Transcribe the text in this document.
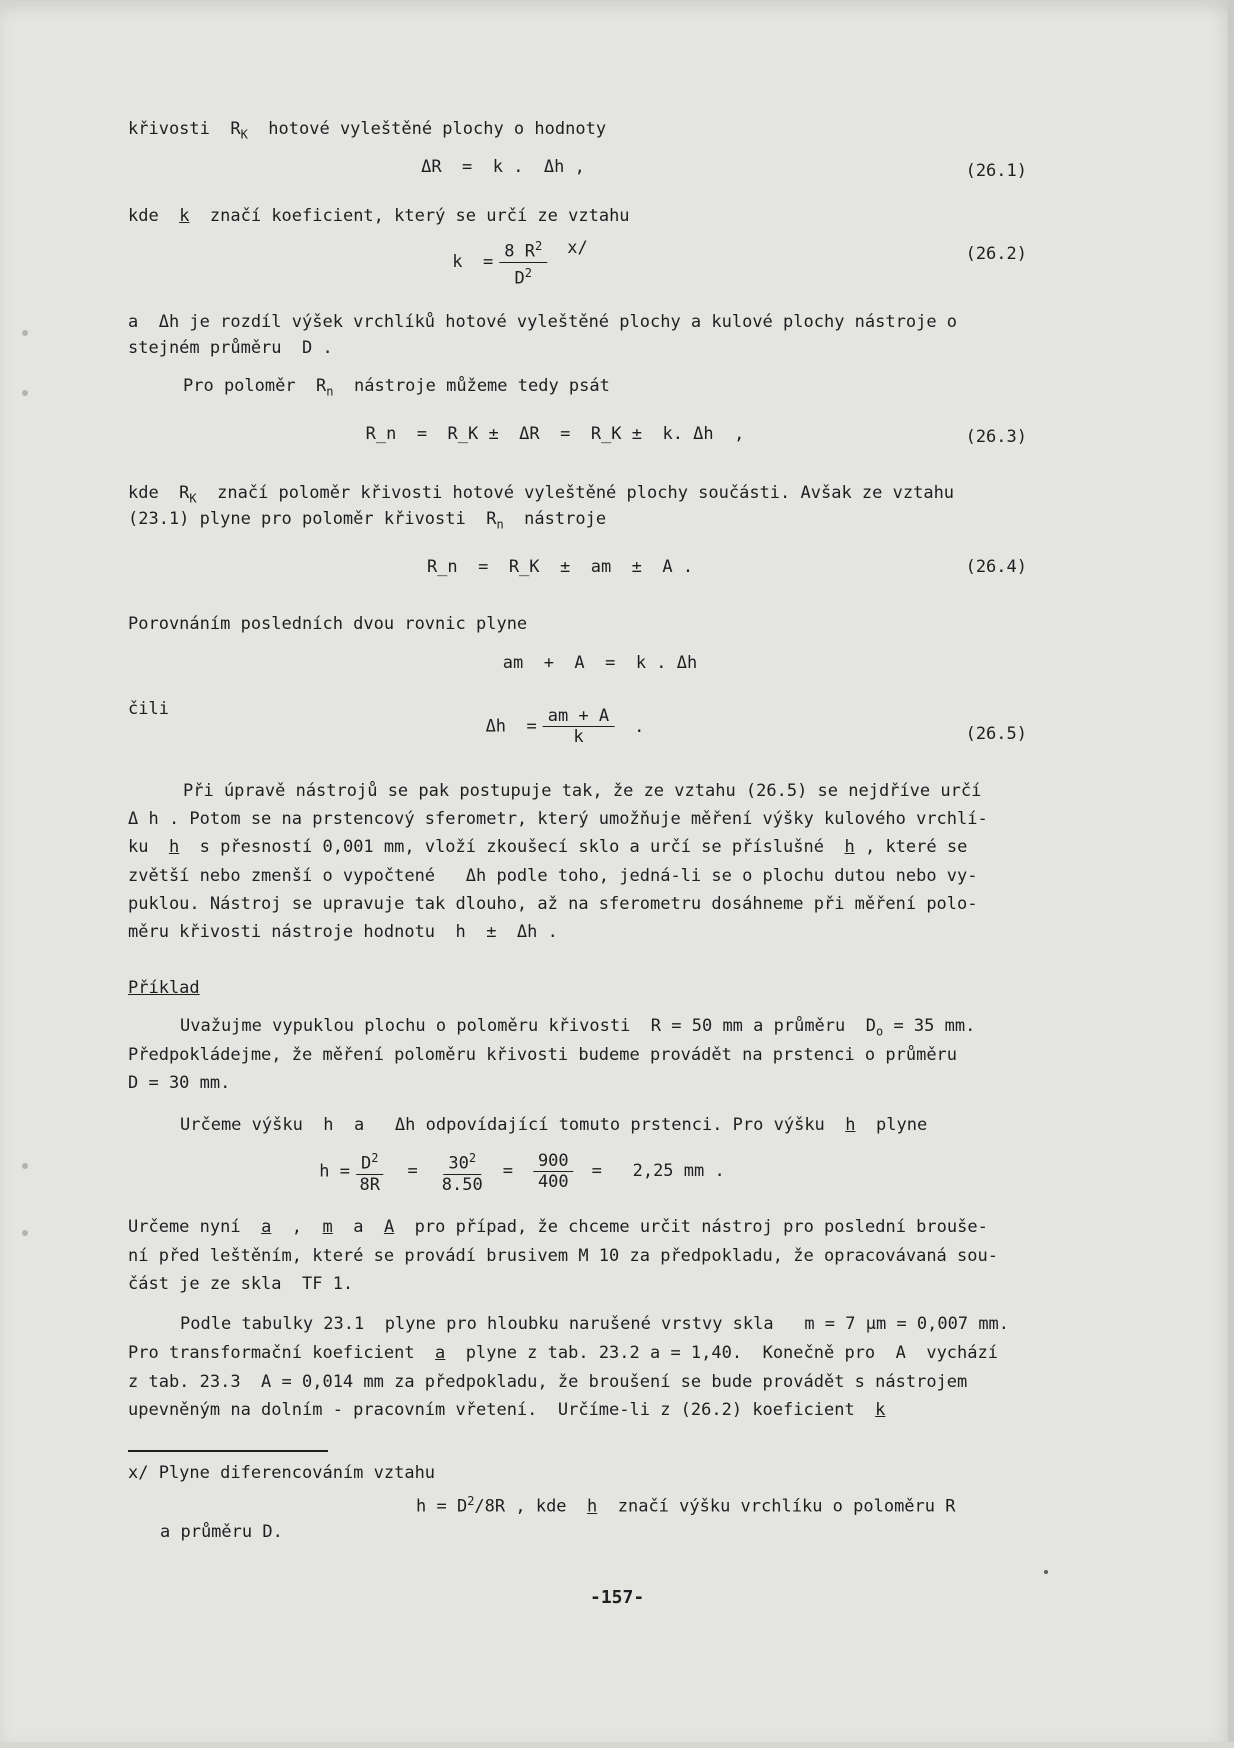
křivosti  $R_K$  hotové vyleštěné plochy o hodnoty
ΔR  =  k .  Δh ,	(26.1)
kde  k  značí koeficient, který se určí ze vztahu
$k = \frac{8 R^2}{D^2} x/$	(26.2)
a  Δh je rozdíl výšek vrchlíků hotové vyleštěné plochy a kulové plochy nástroje o
stejném průměru  D .
Pro poloměr  $R_n$  nástroje můžeme tedy psát
R_n  =  R_K ±  ΔR  =  R_K ±  k. Δh  ,	(26.3)
kde  $R_K$  značí poloměr křivosti hotové vyleštěné plochy součásti. Avšak ze vztahu
(23.1) plyne pro poloměr křivosti  $R_n$  nástroje
R_n  =  R_K  ±  am  ±  A .	(26.4)
Porovnáním posledních dvou rovnic plyne
am  +  A  =  k . Δh
čili
$\Delta h = \frac{am + A}{k}$ .	(26.5)
Při úpravě nástrojů se pak postupuje tak, že ze vztahu (26.5) se nejdříve určí
Δ h . Potom se na prstencový sferometr, který umožňuje měření výšky kulového vrchlí-
ku  h  s přesností 0,001 mm, vloží zkoušecí sklo a určí se příslušné  h , které se
zvětší nebo zmenší o vypočtené   Δh podle toho, jedná-li se o plochu dutou nebo vy-
puklou. Nástroj se upravuje tak dlouho, až na sferometru dosáhneme při měření polo-
měru křivosti nástroje hodnotu  h  ±  Δh .
Příklad
Uvažujme vypuklou plochu o poloměru křivosti  R = 50 mm a průměru  $D_o = 35$ mm.
Předpokládejme, že měření poloměru křivosti budeme provádět na prstenci o průměru
D = 30 mm.
Určeme výšku  h  a   Δh odpovídající tomuto prstenci. Pro výšku  h  plyne
$h = \frac{D^2}{8R} = \frac{30^2}{8.50} = \frac{900}{400} = 2,25$ mm .
Určeme nyní  a  ,  m  a  A  pro případ, že chceme určit nástroj pro poslední brouše-
ní před leštěním, které se provádí brusivem M 10 za předpokladu, že opracovávaná sou-
část je ze skla  TF 1.
Podle tabulky 23.1  plyne pro hloubku narušené vrstvy skla   m = 7 μm = 0,007 mm.
Pro transformační koeficient  a  plyne z tab. 23.2 a = 1,40.  Konečně pro  A  vychází
z tab. 23.3  A = 0,014 mm za předpokladu, že broušení se bude provádět s nástrojem
upevněným na dolním - pracovním vřetení.  Určíme-li z (26.2) koeficient  k
x/ Plyne diferencováním vztahu
$h = D^2/8R$ , kde  h  značí výšku vrchlíku o poloměru R
a průměru D.
-157-
